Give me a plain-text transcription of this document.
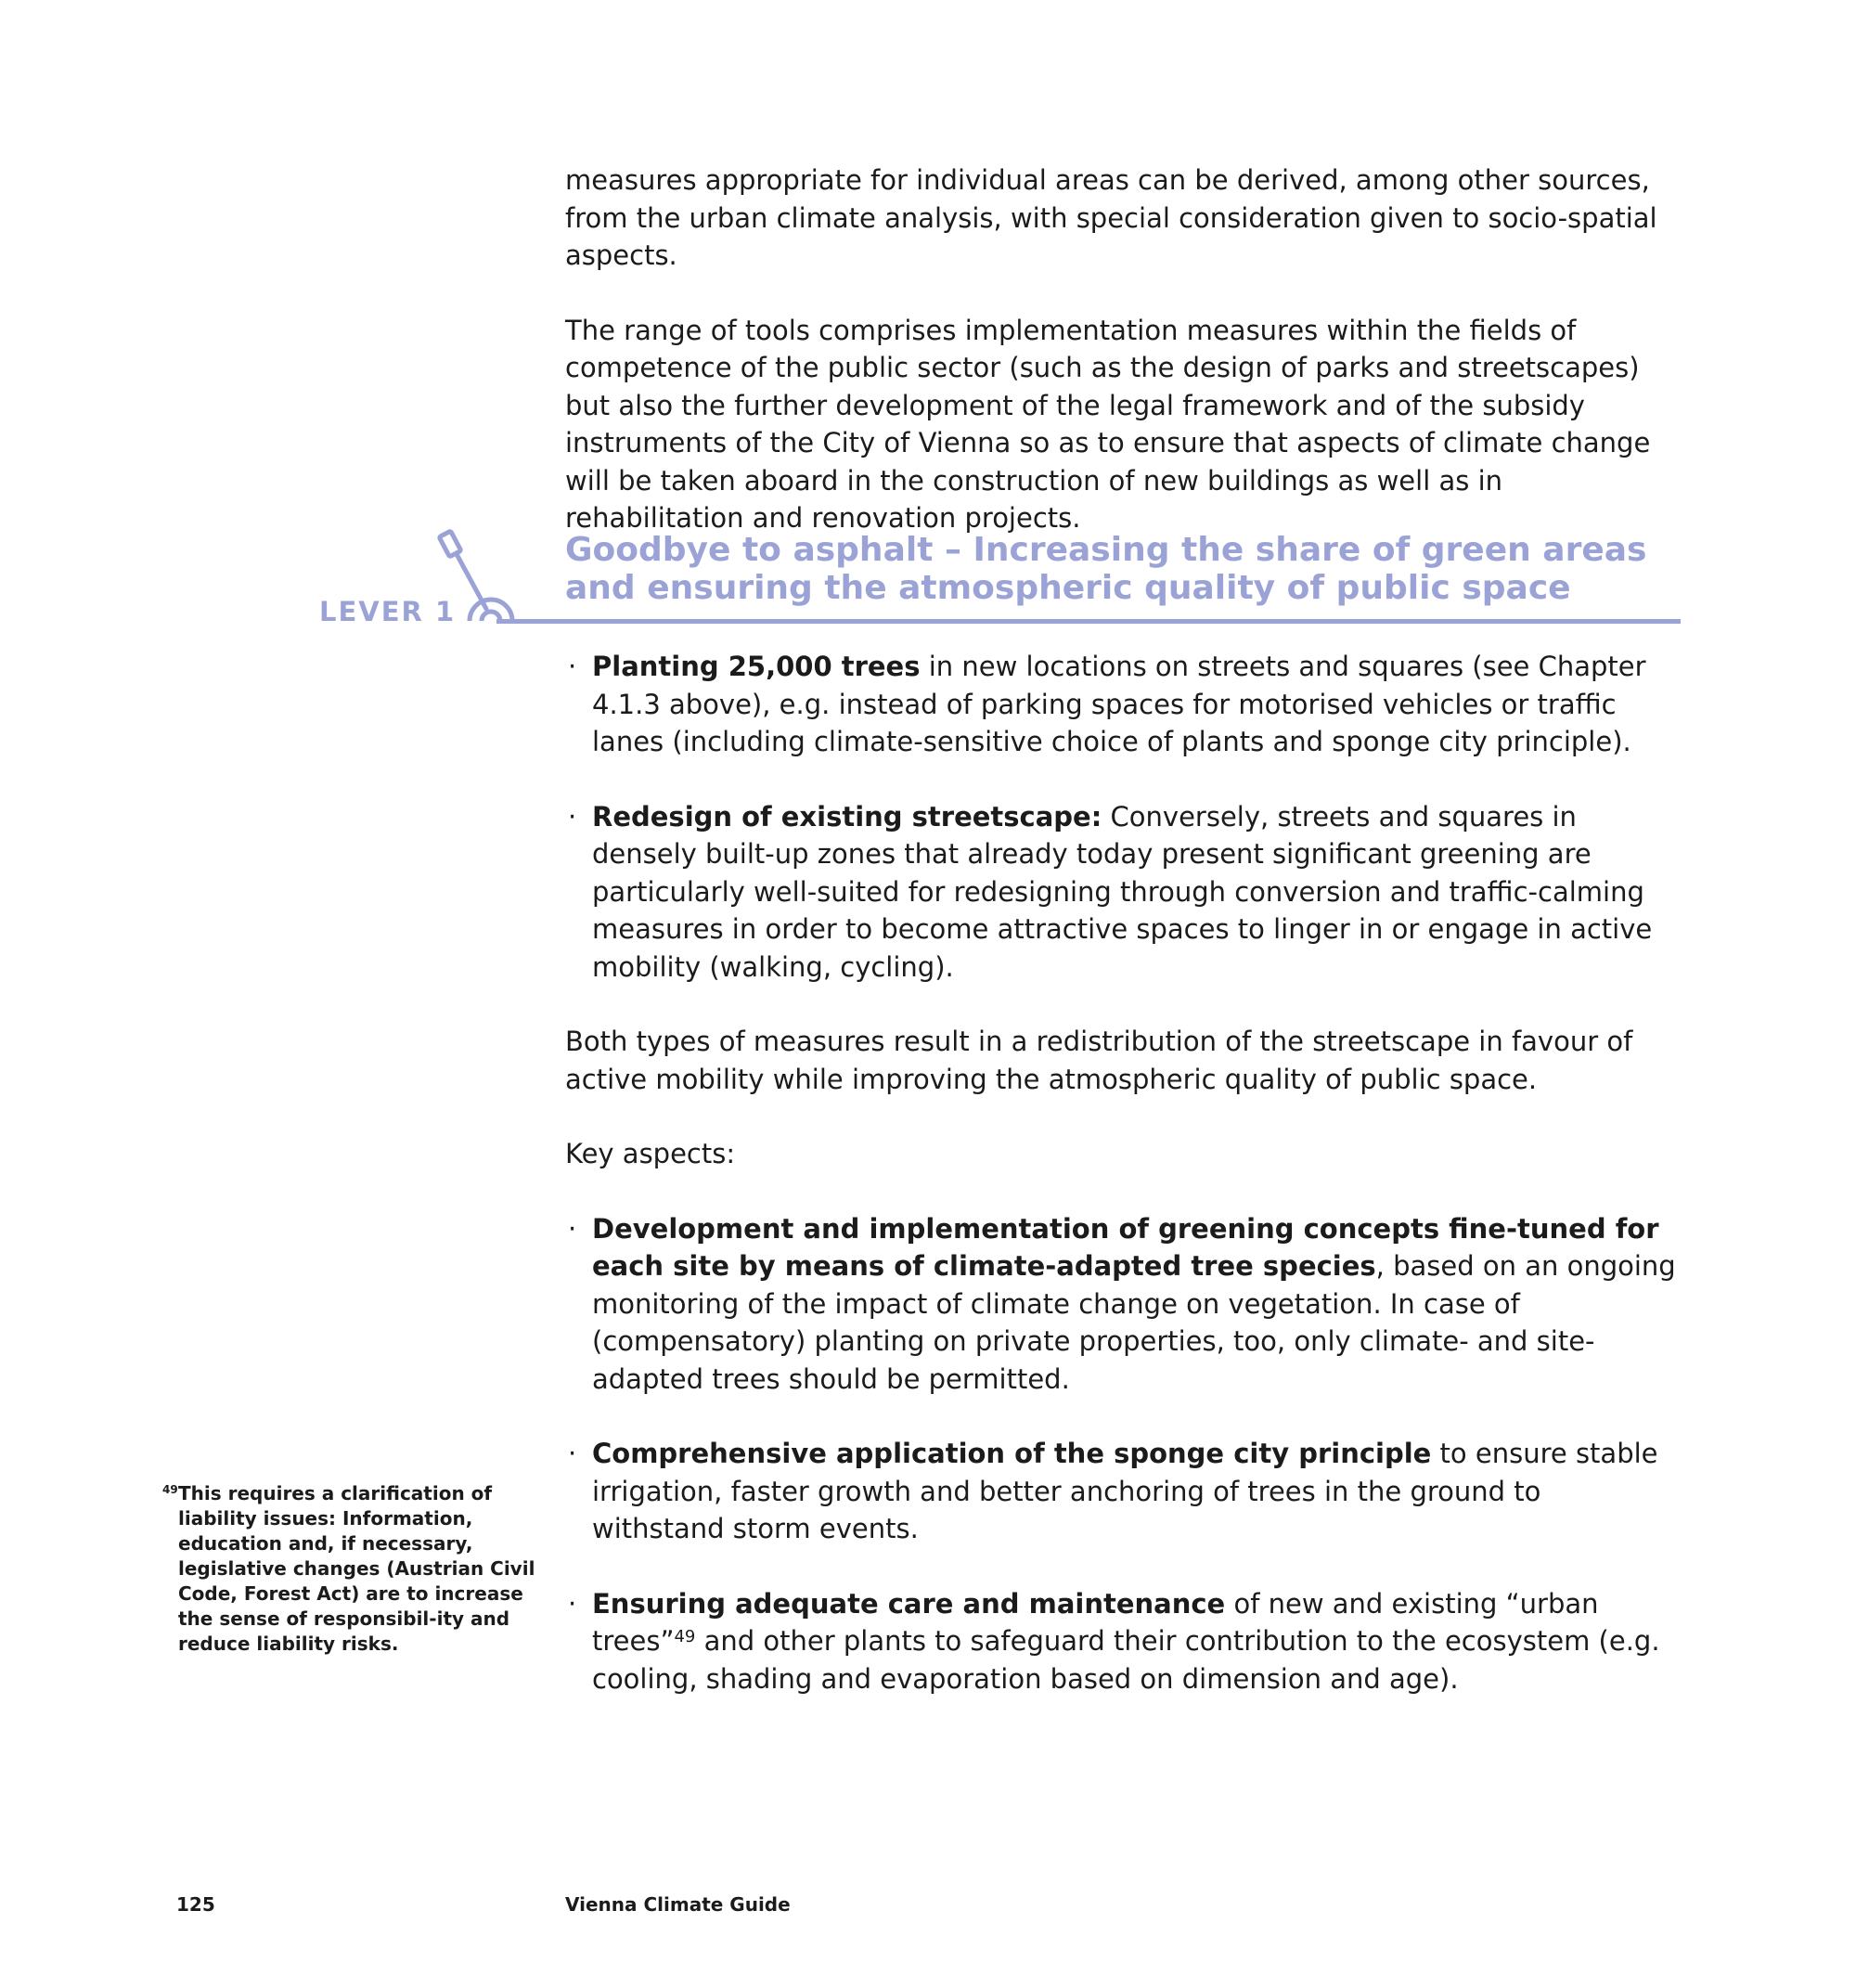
measures appropriate for individual areas can be derived, among other sources, from the urban climate analysis, with special consideration given to socio-spatial aspects.

The range of tools comprises implementation measures within the fields of competence of the public sector (such as the design of parks and streetscapes) but also the further development of the legal framework and of the subsidy instruments of the City of Vienna so as to ensure that aspects of climate change will be taken aboard in the construction of new buildings as well as in rehabilitation and renovation projects.

LEVER 1
Goodbye to asphalt – Increasing the share of green areas and ensuring the atmospheric quality of public space
· Planting 25,000 trees in new locations on streets and squares (see Chapter 4.1.3 above), e.g. instead of parking spaces for motorised vehicles or traffic lanes (including climate-sensitive choice of plants and sponge city principle).
· Redesign of existing streetscape: Conversely, streets and squares in densely built-up zones that already today present significant greening are particularly well-suited for redesigning through conversion and traffic-calming measures in order to become attractive spaces to linger in or engage in active mobility (walking, cycling).

Both types of measures result in a redistribution of the streetscape in favour of active mobility while improving the atmospheric quality of public space.

Key aspects:

· Development and implementation of greening concepts fine-tuned for each site by means of climate-adapted tree species, based on an ongoing monitoring of the impact of climate change on vegetation. In case of (compensatory) planting on private properties, too, only climate- and site-adapted trees should be permitted.
· Comprehensive application of the sponge city principle to ensure stable irrigation, faster growth and better anchoring of trees in the ground to withstand storm events.
· Ensuring adequate care and maintenance of new and existing “urban trees”$^{49}$ and other plants to safeguard their contribution to the ecosystem (e.g. cooling, shading and evaporation based on dimension and age).
49 This requires a clarification of liability issues: Information, education and, if necessary, legislative changes (Austrian Civil Code, Forest Act) are to increase the sense of responsibil-ity and reduce liability risks.
125	Vienna Climate Guide
